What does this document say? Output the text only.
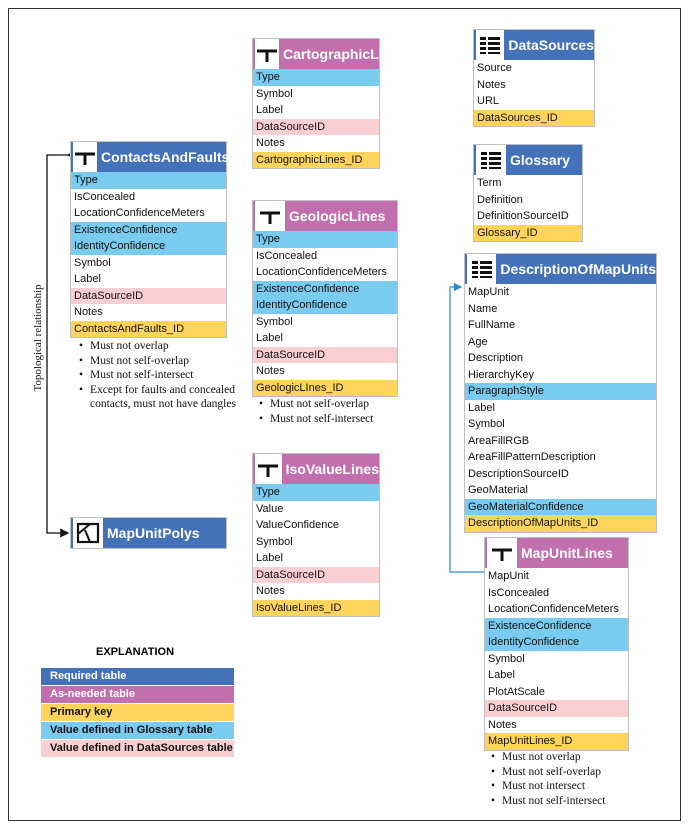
Topological relationship
ContactsAndFaults
Type
IsConcealed
LocationConfidenceMeters
ExistenceConfidence
IdentityConfidence
Symbol
Label
DataSourceID
Notes
ContactsAndFaults_ID
• Must not overlap
• Must not self-overlap
• Must not self-intersect
• Except for faults and concealed contacts, must not have dangles
MapUnitPolys
CartographicLines
Type
Symbol
Label
DataSourceID
Notes
CartographicLines_ID
GeologicLines
Type
IsConcealed
LocationConfidenceMeters
ExistenceConfidence
IdentityConfidence
Symbol
Label
DataSourceID
Notes
GeologicLInes_ID
• Must not self-overlap
• Must not self-intersect
IsoValueLines
Type
Value
ValueConfidence
Symbol
Label
DataSourceID
Notes
IsoValueLines_ID
DataSources
Source
Notes
URL
DataSources_ID
Glossary
Term
Definition
DefinitionSourceID
Glossary_ID
DescriptionOfMapUnits
MapUnit
Name
FullName
Age
Description
HierarchyKey
ParagraphStyle
Label
Symbol
AreaFillRGB
AreaFillPatternDescription
DescriptionSourceID
GeoMaterial
GeoMaterialConfidence
DescriptionOfMapUnits_ID
MapUnitLines
MapUnit
IsConcealed
LocationConfidenceMeters
ExistenceConfidence
IdentityConfidence
Symbol
Label
PlotAtScale
DataSourceID
Notes
MapUnitLines_ID
• Must not overlap
• Must not self-overlap
• Must not intersect
• Must not self-intersect
EXPLANATION
Required table
As-needed table
Primary key
Value defined in Glossary table
Value defined in DataSources table
